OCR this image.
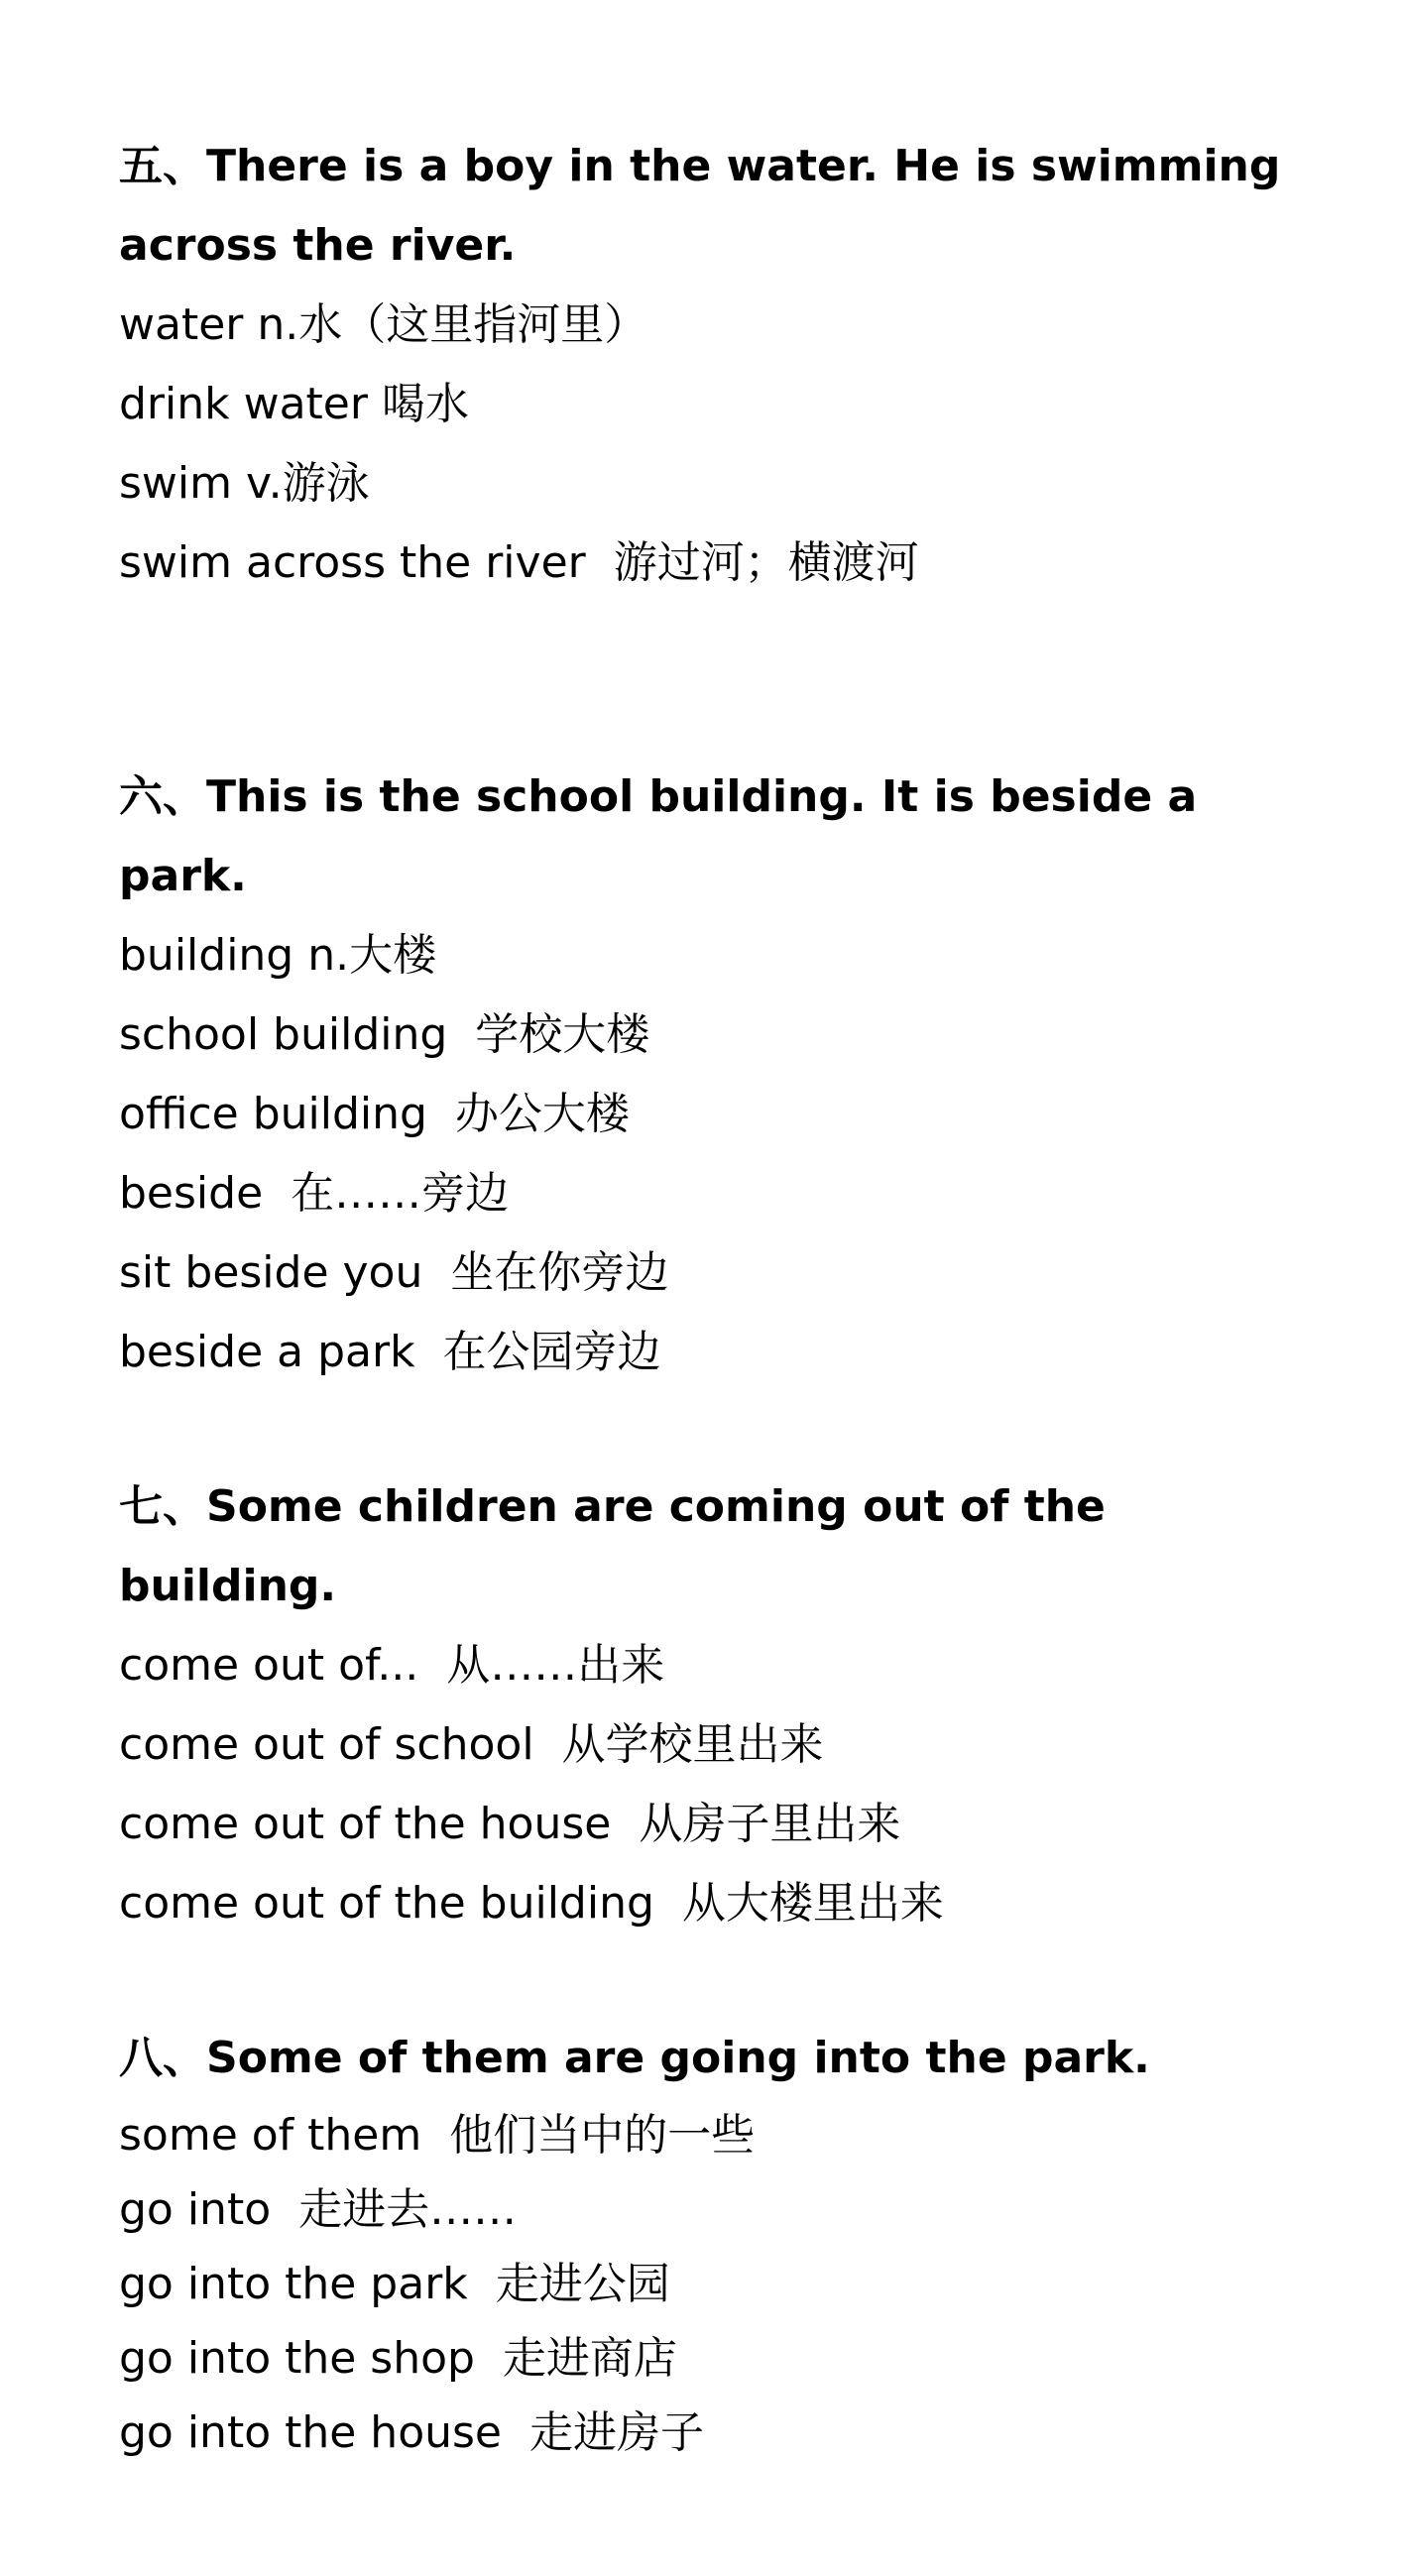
五、There is a boy in the water. He is swimming across the river.

water n.水（这里指河里）

drink water 喝水

swim v.游泳

swim across the river  游过河；横渡河

六、This is the school building. It is beside a park.

building n.大楼

school building  学校大楼

office building  办公大楼

beside  在……旁边

sit beside you  坐在你旁边

beside a park  在公园旁边

七、Some children are coming out of the building.

come out of...  从……出来

come out of school  从学校里出来

come out of the house  从房子里出来

come out of the building  从大楼里出来

八、Some of them are going into the park.

some of them  他们当中的一些

go into  走进去……

go into the park  走进公园

go into the shop  走进商店

go into the house  走进房子
